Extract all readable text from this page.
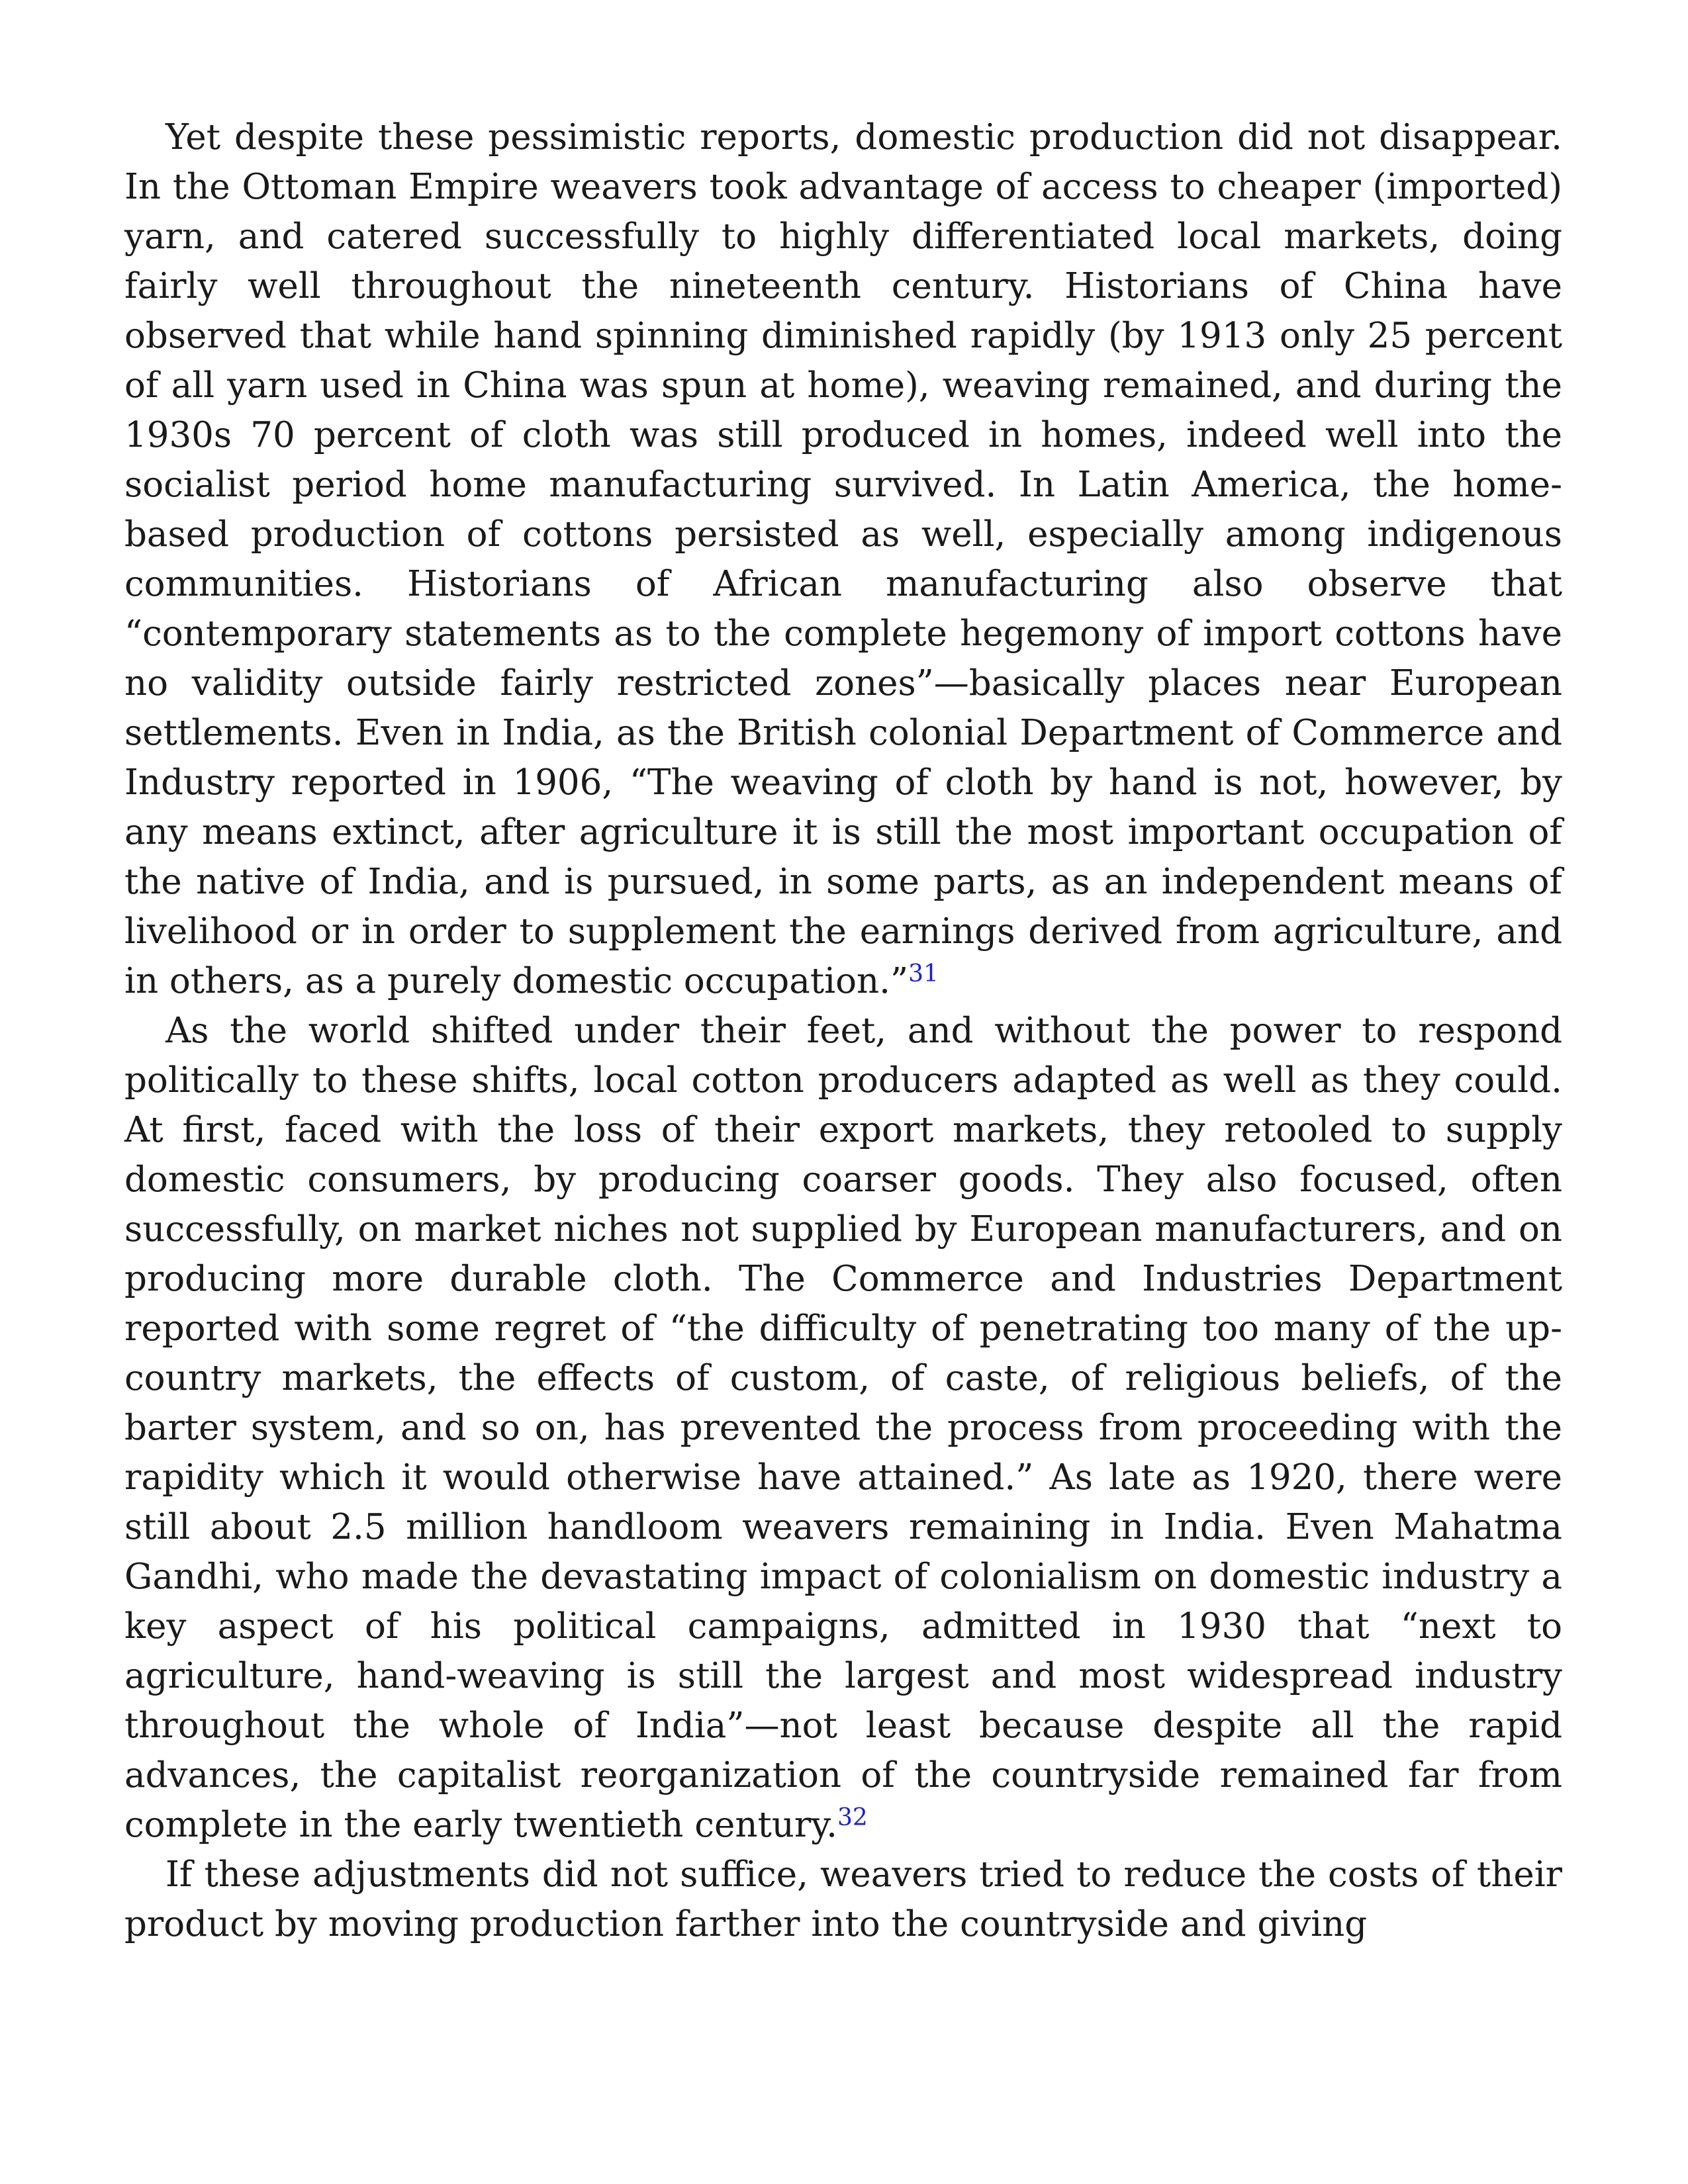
Yet despite these pessimistic reports, domestic production did not disappear. In the Ottoman Empire weavers took advantage of access to cheaper (imported) yarn, and catered successfully to highly differentiated local markets, doing fairly well throughout the nineteenth century. Historians of China have observed that while hand spinning diminished rapidly (by 1913 only 25 percent of all yarn used in China was spun at home), weaving remained, and during the 1930s 70 percent of cloth was still produced in homes, indeed well into the socialist period home manufacturing survived. In Latin America, the home-based production of cottons persisted as well, especially among indigenous communities. Historians of African manufacturing also observe that “contemporary statements as to the complete hegemony of import cottons have no validity outside fairly restricted zones”—basically places near European settlements. Even in India, as the British colonial Department of Commerce and Industry reported in 1906, “The weaving of cloth by hand is not, however, by any means extinct, after agriculture it is still the most important occupation of the native of India, and is pursued, in some parts, as an independent means of livelihood or in order to supplement the earnings derived from agriculture, and in others, as a purely domestic occupation.”$^{31}$

As the world shifted under their feet, and without the power to respond politically to these shifts, local cotton producers adapted as well as they could. At first, faced with the loss of their export markets, they retooled to supply domestic consumers, by producing coarser goods. They also focused, often successfully, on market niches not supplied by European manufacturers, and on producing more durable cloth. The Commerce and Industries Department reported with some regret of “the difficulty of penetrating too many of the up-country markets, the effects of custom, of caste, of religious beliefs, of the barter system, and so on, has prevented the process from proceeding with the rapidity which it would otherwise have attained.” As late as 1920, there were still about 2.5 million handloom weavers remaining in India. Even Mahatma Gandhi, who made the devastating impact of colonialism on domestic industry a key aspect of his political campaigns, admitted in 1930 that “next to agriculture, hand-weaving is still the largest and most widespread industry throughout the whole of India”—not least because despite all the rapid advances, the capitalist reorganization of the countryside remained far from complete in the early twentieth century.$^{32}$

If these adjustments did not suffice, weavers tried to reduce the costs of their product by moving production farther into the countryside and giving
